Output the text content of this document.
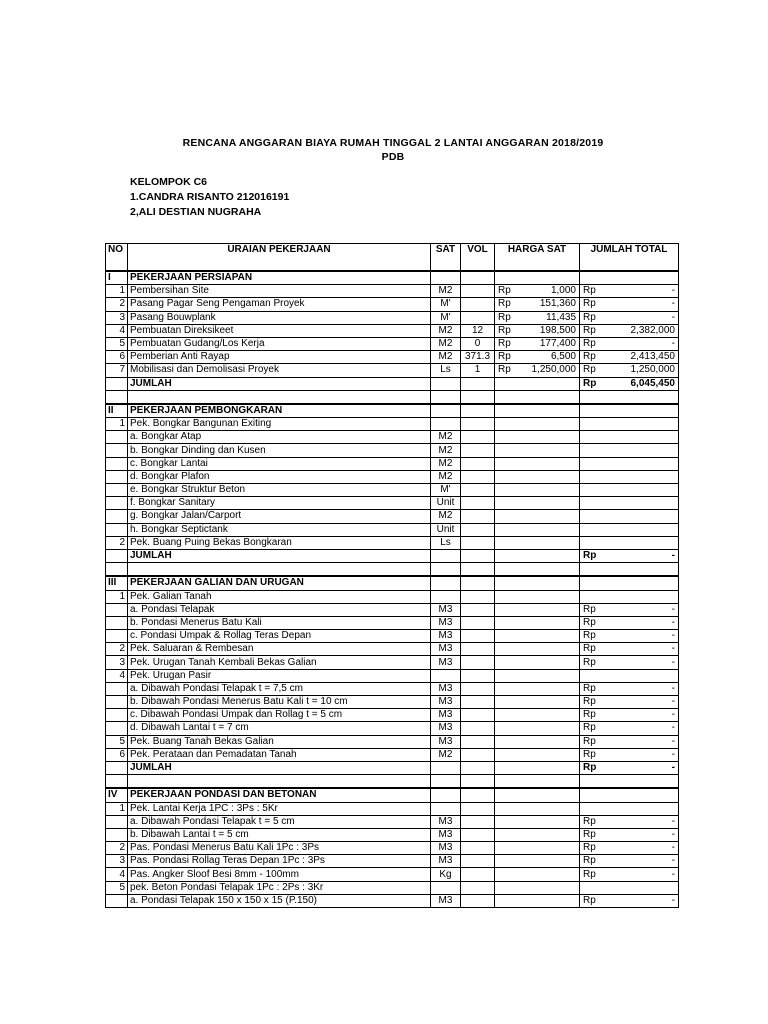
RENCANA ANGGARAN BIAYA RUMAH TINGGAL 2 LANTAI ANGGARAN 2018/2019
PDB
KELOMPOK C6
1.CANDRA RISANTO 212016191
2,ALI DESTIAN NUGRAHA
NO	URAIAN PEKERJAAN	SAT	VOL	HARGA SAT	JUMLAH TOTAL
I	PEKERJAAN PERSIAPAN				
1	Pembersihan Site	M2		Rp 1,000	Rp -

2	Pasang Pagar Seng Pengaman Proyek	M'		Rp 151,360	Rp -

3	Pasang Bouwplank	M'		Rp 11,435	Rp -

4	Pembuatan Direksikeet	M2	12	Rp 198,500	Rp 2,382,000

5	Pembuatan Gudang/Los Kerja	M2	0	Rp 177,400	Rp -

6	Pemberian Anti Rayap	M2	371.3	Rp 6,500	Rp 2,413,450

7	Mobilisasi dan Demolisasi Proyek	Ls	1	Rp 1,250,000	Rp 1,250,000

	JUMLAH				Rp 6,045,450

II	PEKERJAAN PEMBONGKARAN				
1	Pek. Bongkar Bangunan Exiting				
	a. Bongkar Atap	M2			
	b. Bongkar Dinding dan Kusen	M2			
	c. Bongkar Lantai	M2			
	d. Bongkar Plafon	M2			
	e. Bongkar Struktur Beton	M'			
	f. Bongkar Sanitary	Unit			
	g. Bongkar Jalan/Carport	M2			
	h. Bongkar Septictank	Unit			
2	Pek. Buang Puing Bekas Bongkaran	Ls			
	JUMLAH				Rp -

III	PEKERJAAN GALIAN DAN URUGAN				
1	Pek. Galian Tanah				
	a. Pondasi Telapak	M3			Rp -

	b. Pondasi Menerus Batu Kali	M3			Rp -

	c. Pondasi Umpak & Rollag Teras Depan	M3			Rp -

2	Pek. Saluaran & Rembesan	M3			Rp -

3	Pek. Urugan Tanah Kembali Bekas Galian	M3			Rp -

4	Pek. Urugan Pasir				
	a. Dibawah Pondasi Telapak t = 7,5 cm	M3			Rp -

	b. Dibawah Pondasi Menerus Batu Kali t = 10 cm	M3			Rp -

	c. Dibawah Pondasi Umpak dan Rollag t = 5 cm	M3			Rp -

	d. Dibawah Lantai t = 7 cm	M3			Rp -

5	Pek. Buang Tanah Bekas Galian	M3			Rp -

6	Pek. Perataan dan Pemadatan Tanah	M2			Rp -

	JUMLAH				Rp -

IV	PEKERJAAN PONDASI DAN BETONAN				
1	Pek. Lantai Kerja 1PC : 3Ps : 5Kr				
	a. Dibawah Pondasi Telapak t = 5 cm	M3			Rp -

	b. Dibawah Lantai t = 5 cm	M3			Rp -

2	Pas. Pondasi Menerus Batu Kali 1Pc : 3Ps	M3			Rp -

3	Pas. Pondasi Rollag Teras Depan 1Pc : 3Ps	M3			Rp -

4	Pas. Angker Sloof Besi 8mm - 100mm	Kg			Rp -

5	pek. Beton Pondasi Telapak 1Pc : 2Ps : 3Kr				
	a. Pondasi Telapak 150 x 150 x 15 (P.150)	M3			Rp -
